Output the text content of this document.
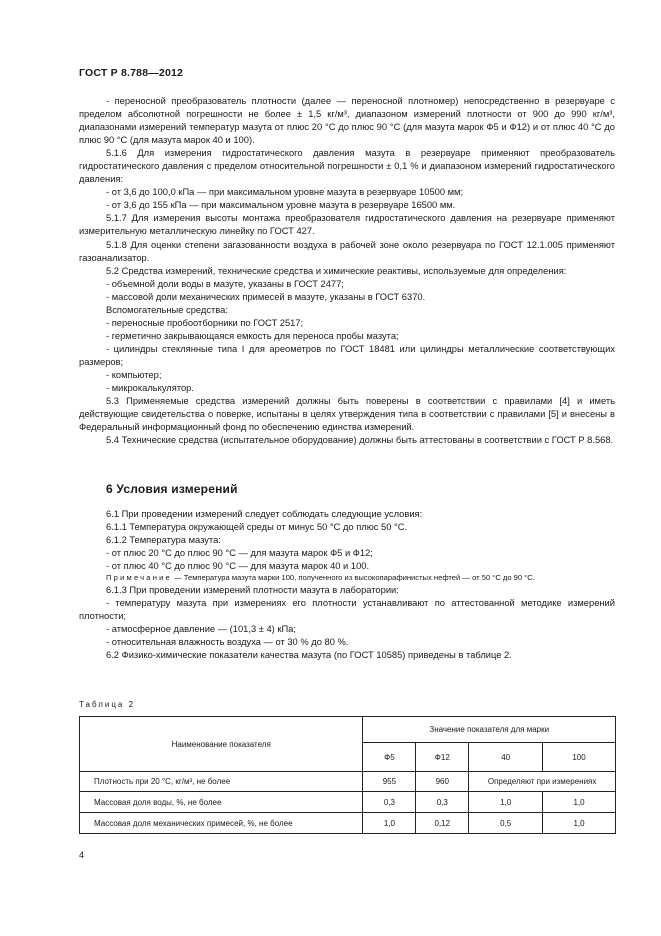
ГОСТ Р 8.788—2012

- переносной преобразователь плотности (далее — переносной плотномер) непосредственно в резервуаре с пределом абсолютной погрешности не более ± 1,5 кг/м³, диапазоном измерений плотности от 900 до 990 кг/м³, диапазонами измерений температур мазута от плюс 20 °С до плюс 90 °С (для мазута марок Ф5 и Ф12) и от плюс 40 °С до плюс 90 °С (для мазута марок 40 и 100).

5.1.6 Для измерения гидростатического давления мазута в резервуаре применяют преобразователь гидростатического давления с пределом относительной погрешности ± 0,1 % и диапазоном измерений гидростатического давления:

- от 3,6 до 100,0 кПа — при максимальном уровне мазута в резервуаре 10500 мм;

- от 3,6 до 155 кПа — при максимальном уровне мазута в резервуаре 16500 мм.

5.1.7 Для измерения высоты монтажа преобразователя гидростатического давления на резервуаре применяют измерительную металлическую линейку по ГОСТ 427.

5.1.8 Для оценки степени загазованности воздуха в рабочей зоне около резервуара по ГОСТ 12.1.005 применяют газоанализатор.

5.2 Средства измерений, технические средства и химические реактивы, используемые для определения:

- объемной доли воды в мазуте, указаны в ГОСТ 2477;

- массовой доли механических примесей в мазуте, указаны в ГОСТ 6370.

Вспомогательные средства:

- переносные пробоотборники по ГОСТ 2517;

- герметично закрывающаяся емкость для переноса пробы мазута;

- цилиндры стеклянные типа I для ареометров по ГОСТ 18481 или цилиндры металлические соответствующих размеров;

- компьютер;

- микрокалькулятор.

5.3 Применяемые средства измерений должны быть поверены в соответствии с правилами [4] и иметь действующие свидетельства о поверке, испытаны в целях утверждения типа в соответствии с правилами [5] и внесены в Федеральный информационный фонд по обеспечению единства измерений.

5.4 Технические средства (испытательное оборудование) должны быть аттестованы в соответствии с ГОСТ Р 8.568.

6 Условия измерений

6.1 При проведении измерений следует соблюдать следующие условия:

6.1.1 Температура окружающей среды от минус 50 °С до плюс 50 °С.

6.1.2 Температура мазута:

- от плюс 20 °С до плюс 90 °С — для мазута марок Ф5 и Ф12;

- от плюс 40 °С до плюс 90 °С — для мазута марок 40 и 100.

Примечание — Температура мазута марки 100, полученного из высокопарафинистых нефтей — от 50 °С до 90 °С.

6.1.3 При проведении измерений плотности мазута в лаборатории:

- температуру мазута при измерениях его плотности устанавливают по аттестованной методике измерений плотности;

- атмосферное давление — (101,3 ± 4) кПа;

- относительная влажность воздуха — от 30 % до 80 %.

6.2 Физико-химические показатели качества мазута (по ГОСТ 10585) приведены в таблице 2.

Таблица 2
Наименование показателя	Значение показателя для марки			
	Ф5	Ф12	40	100
Плотность при 20 °С, кг/м³, не более	955	960	Определяют при измерениях	
Массовая доля воды, %, не более	0,3	0,3	1,0	1,0
Массовая доля механических примесей, %, не более	1,0	0,12	0,5	1,0
4
